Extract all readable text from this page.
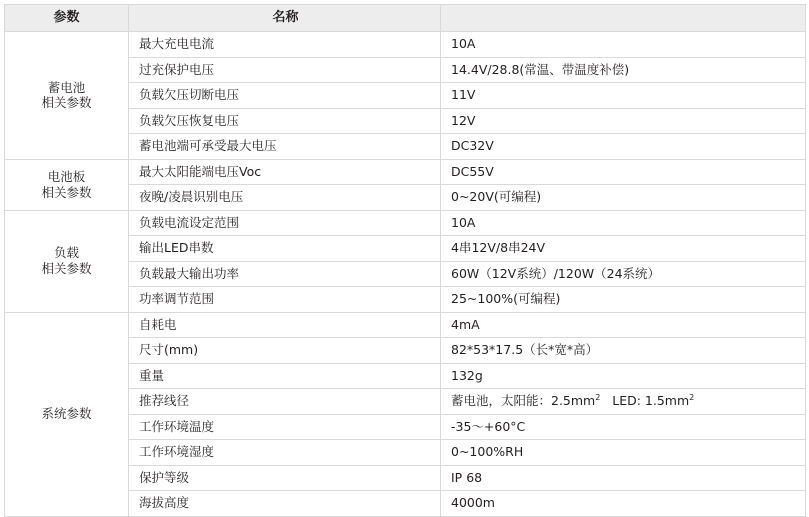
参数	名称	
蓄电池
相关参数	最大充电电流	10A
	过充保护电压	14.4V/28.8(常温、带温度补偿)
	负载欠压切断电压	11V
	负载欠压恢复电压	12V
	蓄电池端可承受最大电压	DC32V
电池板
相关参数	最大太阳能端电压Voc	DC55V
	夜晚/凌晨识别电压	0~20V(可编程)
负载
相关参数	负载电流设定范围	10A
	输出LED串数	4串12V/8串24V
	负载最大输出功率	60W（12V系统）/120W（24系统）
	功率调节范围	25~100%(可编程)
系统参数	自耗电	4mA
	尺寸(mm)	82*53*17.5（长*宽*高）
	重量	132g
	推荐线径	蓄电池，太阳能：$2.5mm^2$ LED: $1.5mm^2$
	工作环境温度	-35～+60°C
	工作环境湿度	0~100%RH
	保护等级	IP 68
	海拔高度	4000m
